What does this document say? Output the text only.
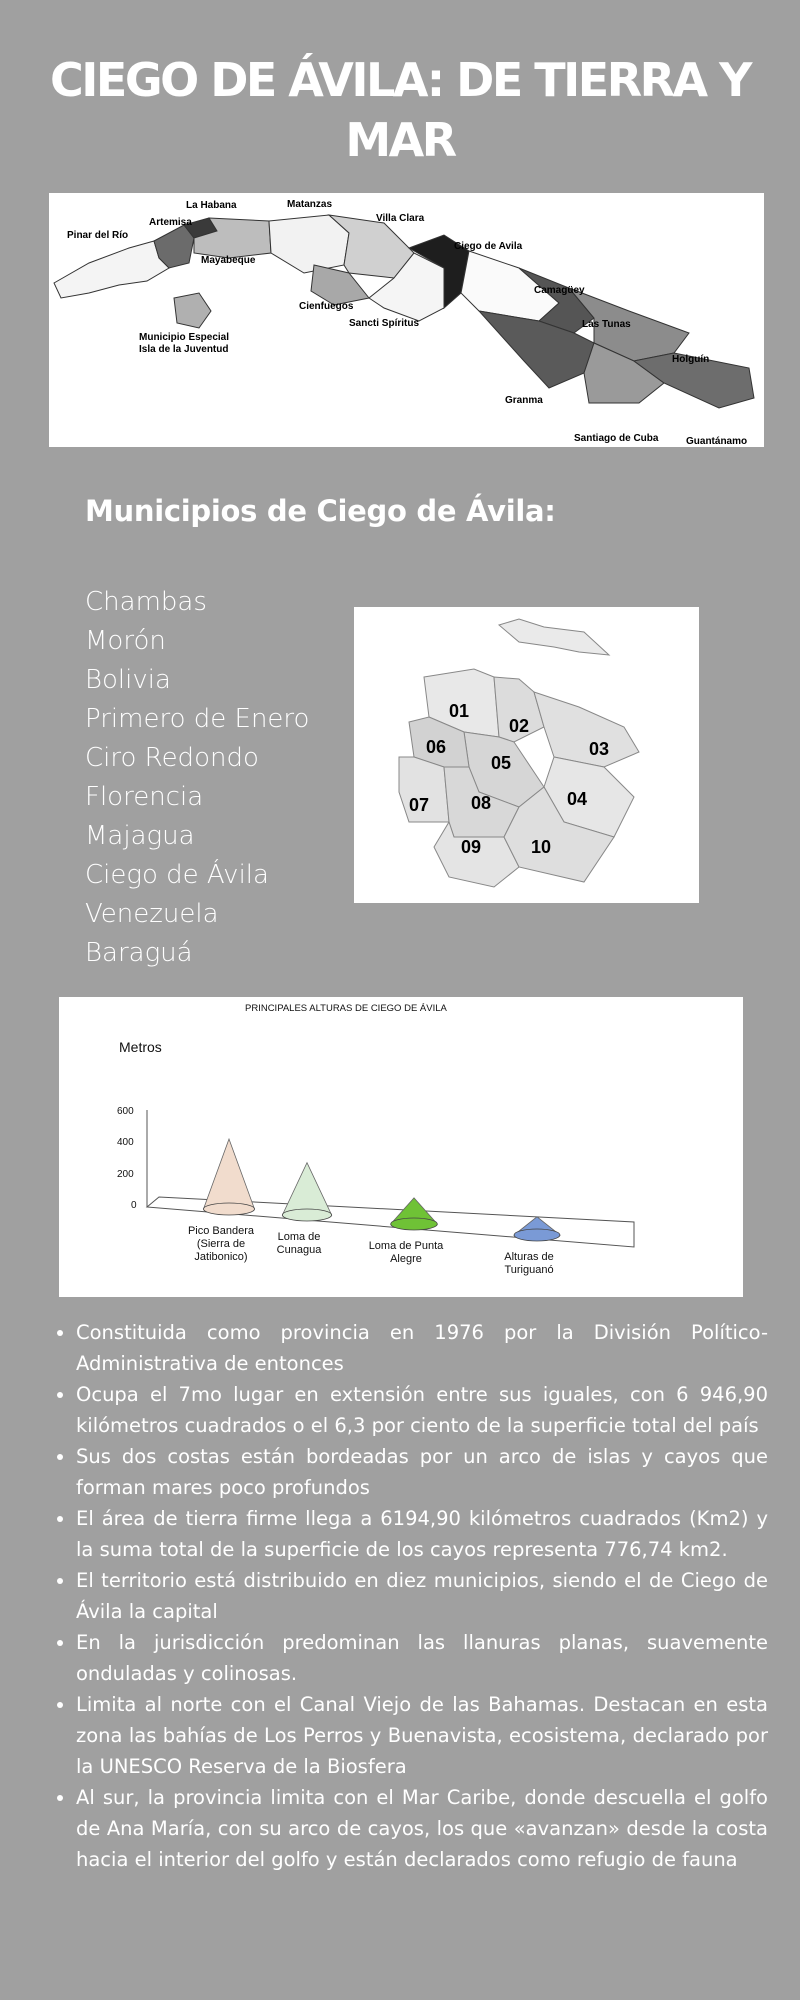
CIEGO DE ÁVILA: DE TIERRA Y MAR
La Habana	Matanzas
Artemisa	Villa Clara
Pinar del Río
Ciego de Avila
Mayabeque
Camagüey
Cienfuegos
Sancti Spíritus	Las Tunas
Municipio Especial
Isla de la Juventud
Holguín
Granma
Santiago de Cuba	Guantánamo
Municipios de Ciego de Ávila:
Chambas
Morón
Bolivia
Primero de Enero
Ciro Redondo
Florencia
Majagua
Ciego de Ávila
Venezuela
Baraguá
01
02
03
04
05
06
07 08
09	10
PRINCIPALES ALTURAS DE CIEGO DE ÁVILA
Metros
600
400
200
0
Pico Bandera (Sierra de Jatibonico)
Loma de Cunagua	Loma de Punta Alegre	Alturas de Turiguanó
• Constituida como provincia en 1976 por la División Político-Administrativa de entonces
• Ocupa el 7mo lugar en extensión entre sus iguales, con 6 946,90 kilómetros cuadrados o el 6,3 por ciento de la superficie total del país
• Sus dos costas están bordeadas por un arco de islas y cayos que forman mares poco profundos
• El área de tierra firme llega a 6194,90 kilómetros cuadrados (Km2) y la suma total de la superficie de los cayos representa 776,74 km2.
• El territorio está distribuido en diez municipios, siendo el de Ciego de Ávila la capital
• En la jurisdicción predominan las llanuras planas, suavemente onduladas y colinosas.
• Limita al norte con el Canal Viejo de las Bahamas. Destacan en esta zona las bahías de Los Perros y Buenavista, ecosistema, declarado por la UNESCO Reserva de la Biosfera
• Al sur, la provincia limita con el Mar Caribe, donde descuella el golfo de Ana María, con su arco de cayos, los que «avanzan» desde la costa hacia el interior del golfo y están declarados como refugio de fauna
